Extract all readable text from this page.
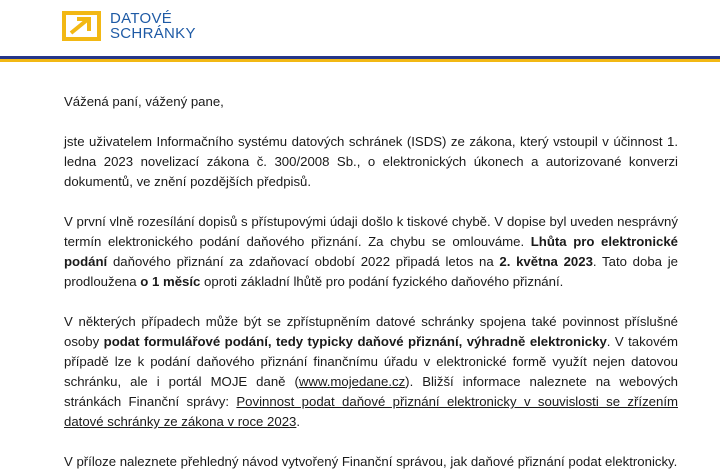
DATOVÉ
SCHRÁNKY

Vážená paní, vážený pane,

jste uživatelem Informačního systému datových schránek (ISDS) ze zákona, který vstoupil v účinnost 1. ledna 2023 novelizací zákona č. 300/2008 Sb., o elektronických úkonech a autorizované konverzi dokumentů, ve znění pozdějších předpisů.

V první vlně rozesílání dopisů s přístupovými údaji došlo k tiskové chybě. V dopise byl uveden nesprávný termín elektronického podání daňového přiznání. Za chybu se omlouváme. Lhůta pro elektronické podání daňového přiznání za zdaňovací období 2022 připadá letos na 2. května 2023. Tato doba je prodloužena o 1 měsíc oproti základní lhůtě pro podání fyzického daňového přiznání.

V některých případech může být se zpřístupněním datové schránky spojena také povinnost příslušné osoby podat formulářové podání, tedy typicky daňové přiznání, výhradně elektronicky. V takovém případě lze k podání daňového přiznání finančnímu úřadu v elektronické formě využít nejen datovou schránku, ale i portál MOJE daně (www.mojedane.cz). Bližší informace naleznete na webových stránkách Finanční správy: Povinnost podat daňové přiznání elektronicky v souvislosti se zřízením datové schránky ze zákona v roce 2023.

V příloze naleznete přehledný návod vytvořený Finanční správou, jak daňové přiznání podat elektronicky.
